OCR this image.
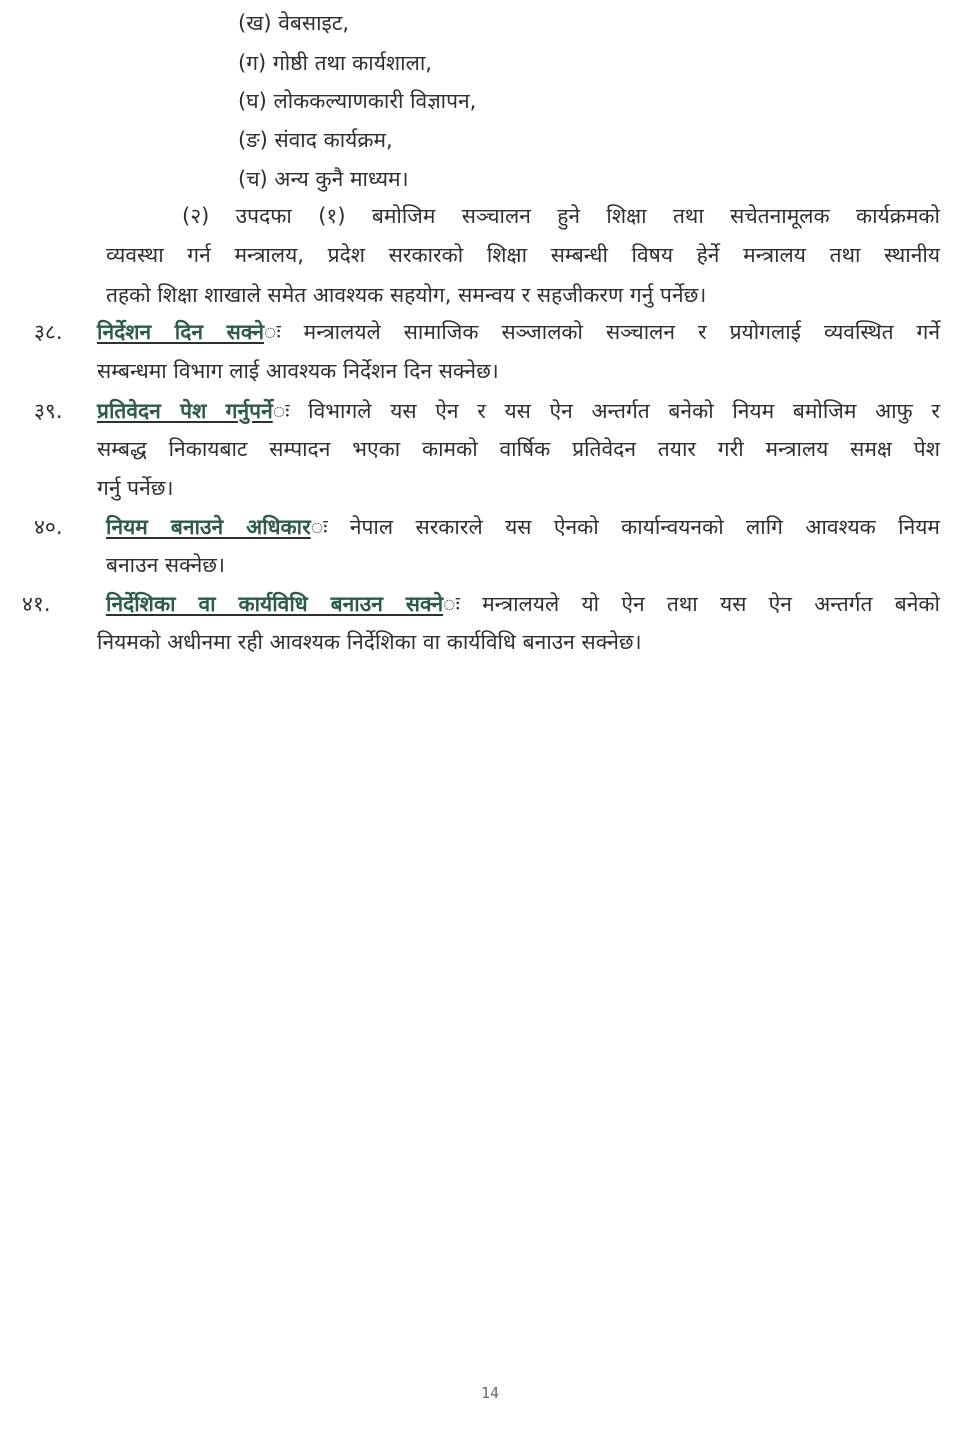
(ख) वेबसाइट,
(ग) गोष्ठी तथा कार्यशाला,
(घ) लोककल्याणकारी विज्ञापन,
(ङ) संवाद कार्यक्रम,
(च) अन्य कुनै माध्यम।
(२) उपदफा (१) बमोजिम सञ्चालन हुने शिक्षा तथा सचेतनामूलक कार्यक्रमको
व्यवस्था गर्न मन्त्रालय, प्रदेश सरकारको शिक्षा सम्बन्धी विषय हेर्ने मन्त्रालय तथा स्थानीय
तहको शिक्षा शाखाले समेत आवश्यक सहयोग, समन्वय र सहजीकरण गर्नु पर्नेछ।
३८. निर्देशन दिन सक्नेः मन्त्रालयले सामाजिक सञ्जालको सञ्चालन र प्रयोगलाई व्यवस्थित गर्ने
सम्बन्धमा विभाग लाई आवश्यक निर्देशन दिन सक्नेछ।
३९. प्रतिवेदन पेश गर्नुपर्नेः विभागले यस ऐन र यस ऐन अन्तर्गत बनेको नियम बमोजिम आफु र
सम्बद्ध निकायबाट सम्पादन भएका कामको वार्षिक प्रतिवेदन तयार गरी मन्त्रालय समक्ष पेश
गर्नु पर्नेछ।
४०. नियम बनाउने अधिकारः नेपाल सरकारले यस ऐनको कार्यान्वयनको लागि आवश्यक नियम
बनाउन सक्नेछ।
४१.	निर्देशिका वा कार्यविधि बनाउन सक्नेः मन्त्रालयले यो ऐन तथा यस ऐन अन्तर्गत बनेको
नियमको अधीनमा रही आवश्यक निर्देशिका वा कार्यविधि बनाउन सक्नेछ।
14
